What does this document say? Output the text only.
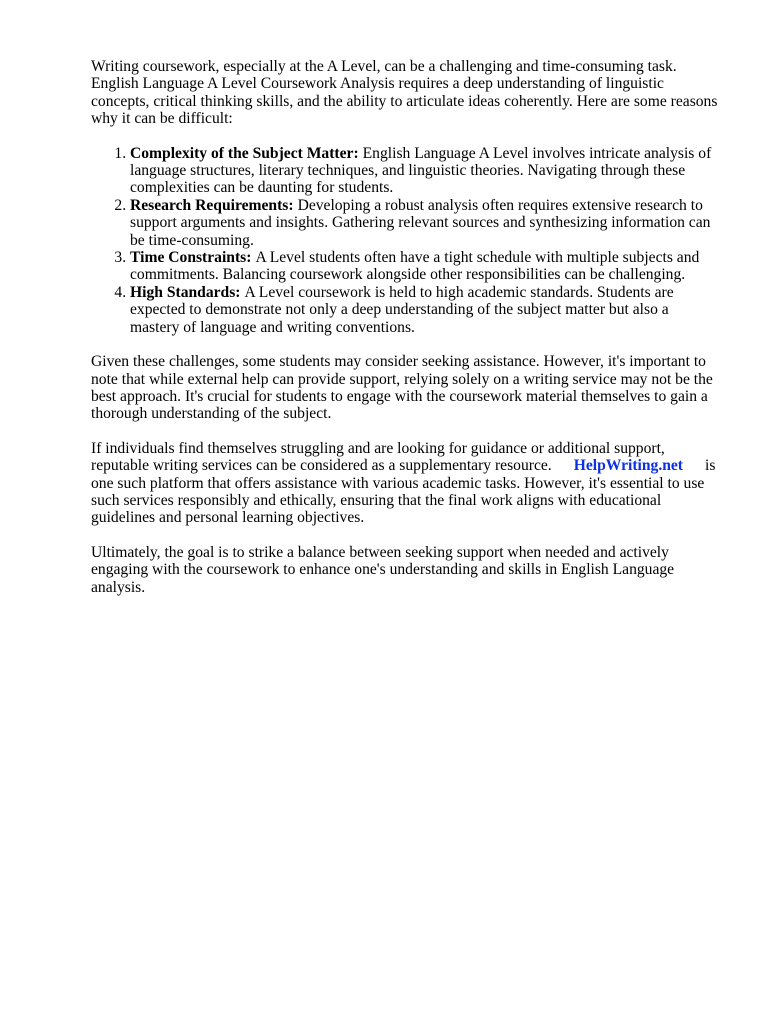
Writing coursework, especially at the A Level, can be a challenging and time-consuming task. English Language A Level Coursework Analysis requires a deep understanding of linguistic concepts, critical thinking skills, and the ability to articulate ideas coherently. Here are some reasons why it can be difficult:

1. Complexity of the Subject Matter: English Language A Level involves intricate analysis of language structures, literary techniques, and linguistic theories. Navigating through these complexities can be daunting for students.
2. Research Requirements: Developing a robust analysis often requires extensive research to support arguments and insights. Gathering relevant sources and synthesizing information can be time-consuming.
3. Time Constraints: A Level students often have a tight schedule with multiple subjects and commitments. Balancing coursework alongside other responsibilities can be challenging.
4. High Standards: A Level coursework is held to high academic standards. Students are expected to demonstrate not only a deep understanding of the subject matter but also a mastery of language and writing conventions.

Given these challenges, some students may consider seeking assistance. However, it's important to note that while external help can provide support, relying solely on a writing service may not be the best approach. It's crucial for students to engage with the coursework material themselves to gain a thorough understanding of the subject.

If individuals find themselves struggling and are looking for guidance or additional support, reputable writing services can be considered as a supplementary resource. HelpWriting.net is one such platform that offers assistance with various academic tasks. However, it's essential to use such services responsibly and ethically, ensuring that the final work aligns with educational guidelines and personal learning objectives.

Ultimately, the goal is to strike a balance between seeking support when needed and actively engaging with the coursework to enhance one's understanding and skills in English Language analysis.
